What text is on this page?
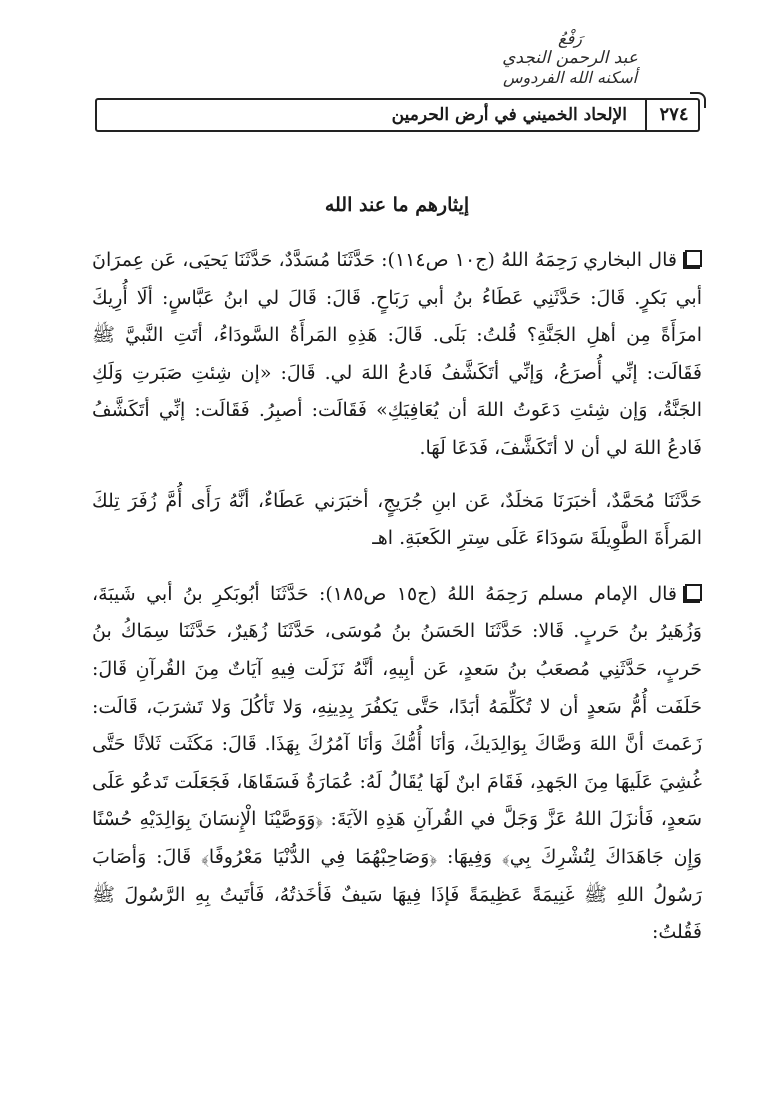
رَفْعُ
عبد الرحمن النجدي
أسكنه الله الفردوس
الإلحاد الخميني في أرض الحرمين	٢٧٤
إيثارهم ما عند الله

قال البخاري رَحِمَهُ اللهُ (ج١٠ ص١١٤): حَدَّثَنَا مُسَدَّدٌ، حَدَّثَنَا يَحيَى، عَن عِمرَانَ أبي بَكرٍ. قَالَ: حَدَّثَنِي عَطَاءُ بنُ أبي رَبَاحٍ. قَالَ: قَالَ لي ابنُ عَبَّاسٍ: ألَا أُرِيكَ امرَأَةً مِن أهلِ الجَنَّةِ؟ قُلتُ: بَلَى. قَالَ: هَذِهِ المَرأَةُ السَّودَاءُ، أتَتِ النَّبيَّ ﷺ فَقَالَت: إنِّي أُصرَعُ، وَإنِّي أتَكَشَّفُ فَادعُ اللهَ لي. قَالَ: «إن شِئتِ صَبَرتِ وَلَكِ الجَنَّةُ، وَإن شِئتِ دَعَوتُ اللهَ أن يُعَافِيَكِ» فَقَالَت: أصبِرُ. فَقَالَت: إنِّي أتَكَشَّفُ فَادعُ اللهَ لي أن لا أتَكَشَّفَ، فَدَعَا لَهَا.

حَدَّثَنَا مُحَمَّدٌ، أخبَرَنَا مَخلَدٌ، عَن ابنِ جُرَيجٍ، أخبَرَني عَطَاءٌ، أنَّهُ رَأَى أُمَّ زُفَرَ تِلكَ المَرأَةَ الطَّوِيلَةَ سَودَاءَ عَلَى سِترِ الكَعبَةِ. اهـ

قال الإمام مسلم رَحِمَهُ اللهُ (ج١٥ ص١٨٥): حَدَّثَنَا أبُوبَكرِ بنُ أبي شَيبَةَ، وَزُهَيرُ بنُ حَربٍ. قَالا: حَدَّثَنَا الحَسَنُ بنُ مُوسَى، حَدَّثَنَا زُهَيرٌ، حَدَّثَنَا سِمَاكُ بنُ حَربٍ، حَدَّثَنِي مُصعَبُ بنُ سَعدٍ، عَن أبِيهِ، أنَّهُ نَزَلَت فِيهِ آيَاتٌ مِنَ القُرآنِ قَالَ: حَلَفَت أُمُّ سَعدٍ أن لا تُكَلِّمَهُ أبَدًا، حَتَّى يَكفُرَ بِدِينِهِ، وَلا تَأكُلَ وَلا تَشرَبَ، قَالَت: زَعَمتَ أنَّ اللهَ وَصَّاكَ بِوَالِدَيكَ، وَأنَا أُمُّكَ وَأنَا آمُرُكَ بِهَذَا. قَالَ: مَكَثَت ثَلاثًا حَتَّى غُشِيَ عَلَيهَا مِنَ الجَهدِ، فَقَامَ ابنٌ لَهَا يُقَالُ لَهُ: عُمَارَةُ فَسَقَاهَا، فَجَعَلَت تَدعُو عَلَى سَعدٍ، فَأنزَلَ اللهُ عَزَّ وَجَلَّ في القُرآنِ هَذِهِ الآيَةَ: ﴿وَوَصَّيْنَا الْإِنسَانَ بِوَالِدَيْهِ حُسْنًا وَإِن جَاهَدَاكَ لِتُشْرِكَ بِي﴾ وَفِيهَا: ﴿وَصَاحِبْهُمَا فِي الدُّنْيَا مَعْرُوفًا﴾ قَالَ: وَأصَابَ رَسُولُ اللهِ ﷺ غَنِيمَةً عَظِيمَةً فَإذَا فِيهَا سَيفٌ فَأخَذتُهُ، فَأتَيتُ بِهِ الرَّسُولَ ﷺ فَقُلتُ:
